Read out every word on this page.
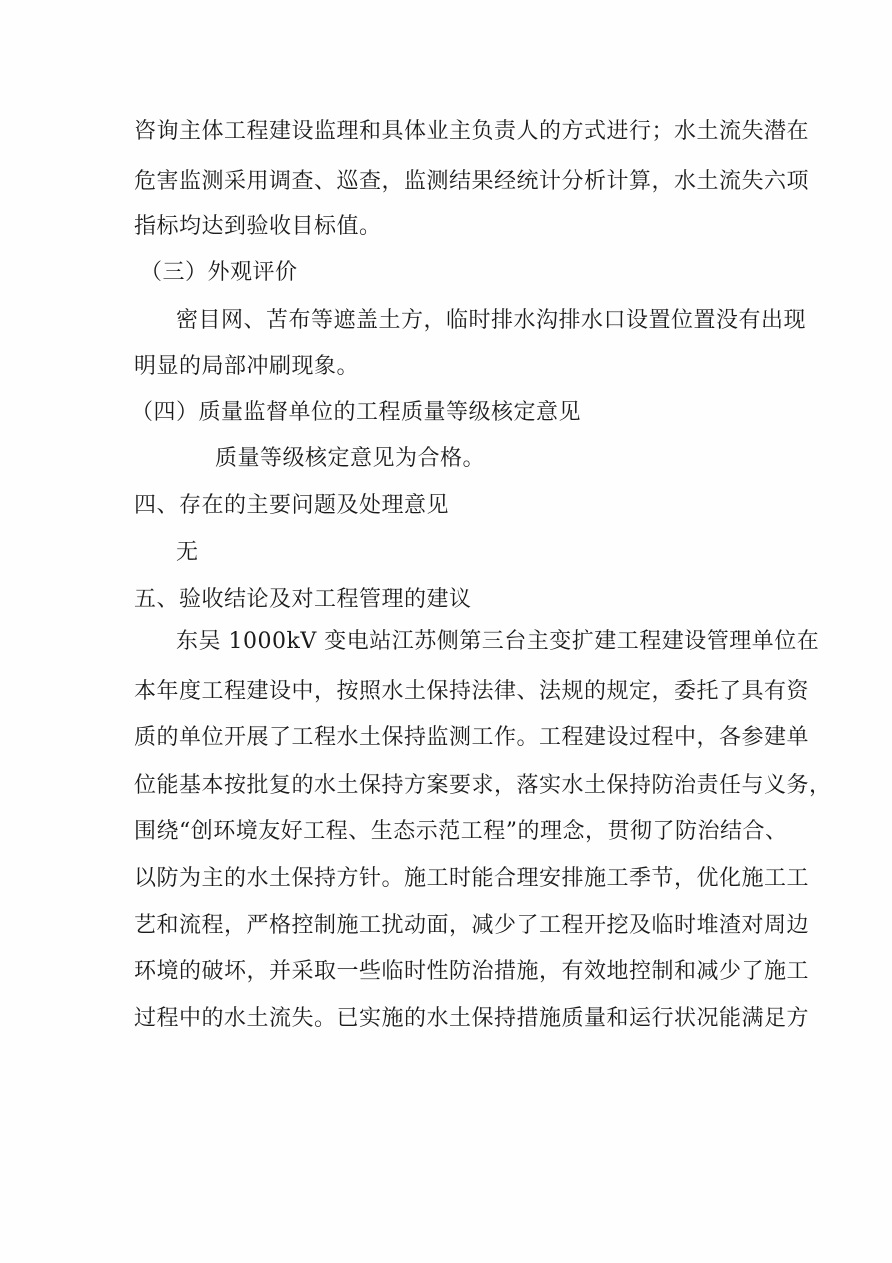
咨询主体工程建设监理和具体业主负责人的方式进行；水土流失潜在
危害监测采用调查、巡查，监测结果经统计分析计算，水土流失六项
指标均达到验收目标值。
（三）外观评价
密目网、苫布等遮盖土方，临时排水沟排水口设置位置没有出现
明显的局部冲刷现象。
（四）质量监督单位的工程质量等级核定意见
质量等级核定意见为合格。
四、存在的主要问题及处理意见
无
五、验收结论及对工程管理的建议
东吴 1000kV 变电站江苏侧第三台主变扩建工程建设管理单位在
本年度工程建设中，按照水土保持法律、法规的规定，委托了具有资
质的单位开展了工程水土保持监测工作。工程建设过程中，各参建单
位能基本按批复的水土保持方案要求，落实水土保持防治责任与义务，
围绕“创环境友好工程、生态示范工程”的理念，贯彻了防治结合、
以防为主的水土保持方针。施工时能合理安排施工季节，优化施工工
艺和流程，严格控制施工扰动面，减少了工程开挖及临时堆渣对周边
环境的破坏，并采取一些临时性防治措施，有效地控制和减少了施工
过程中的水土流失。已实施的水土保持措施质量和运行状况能满足方
